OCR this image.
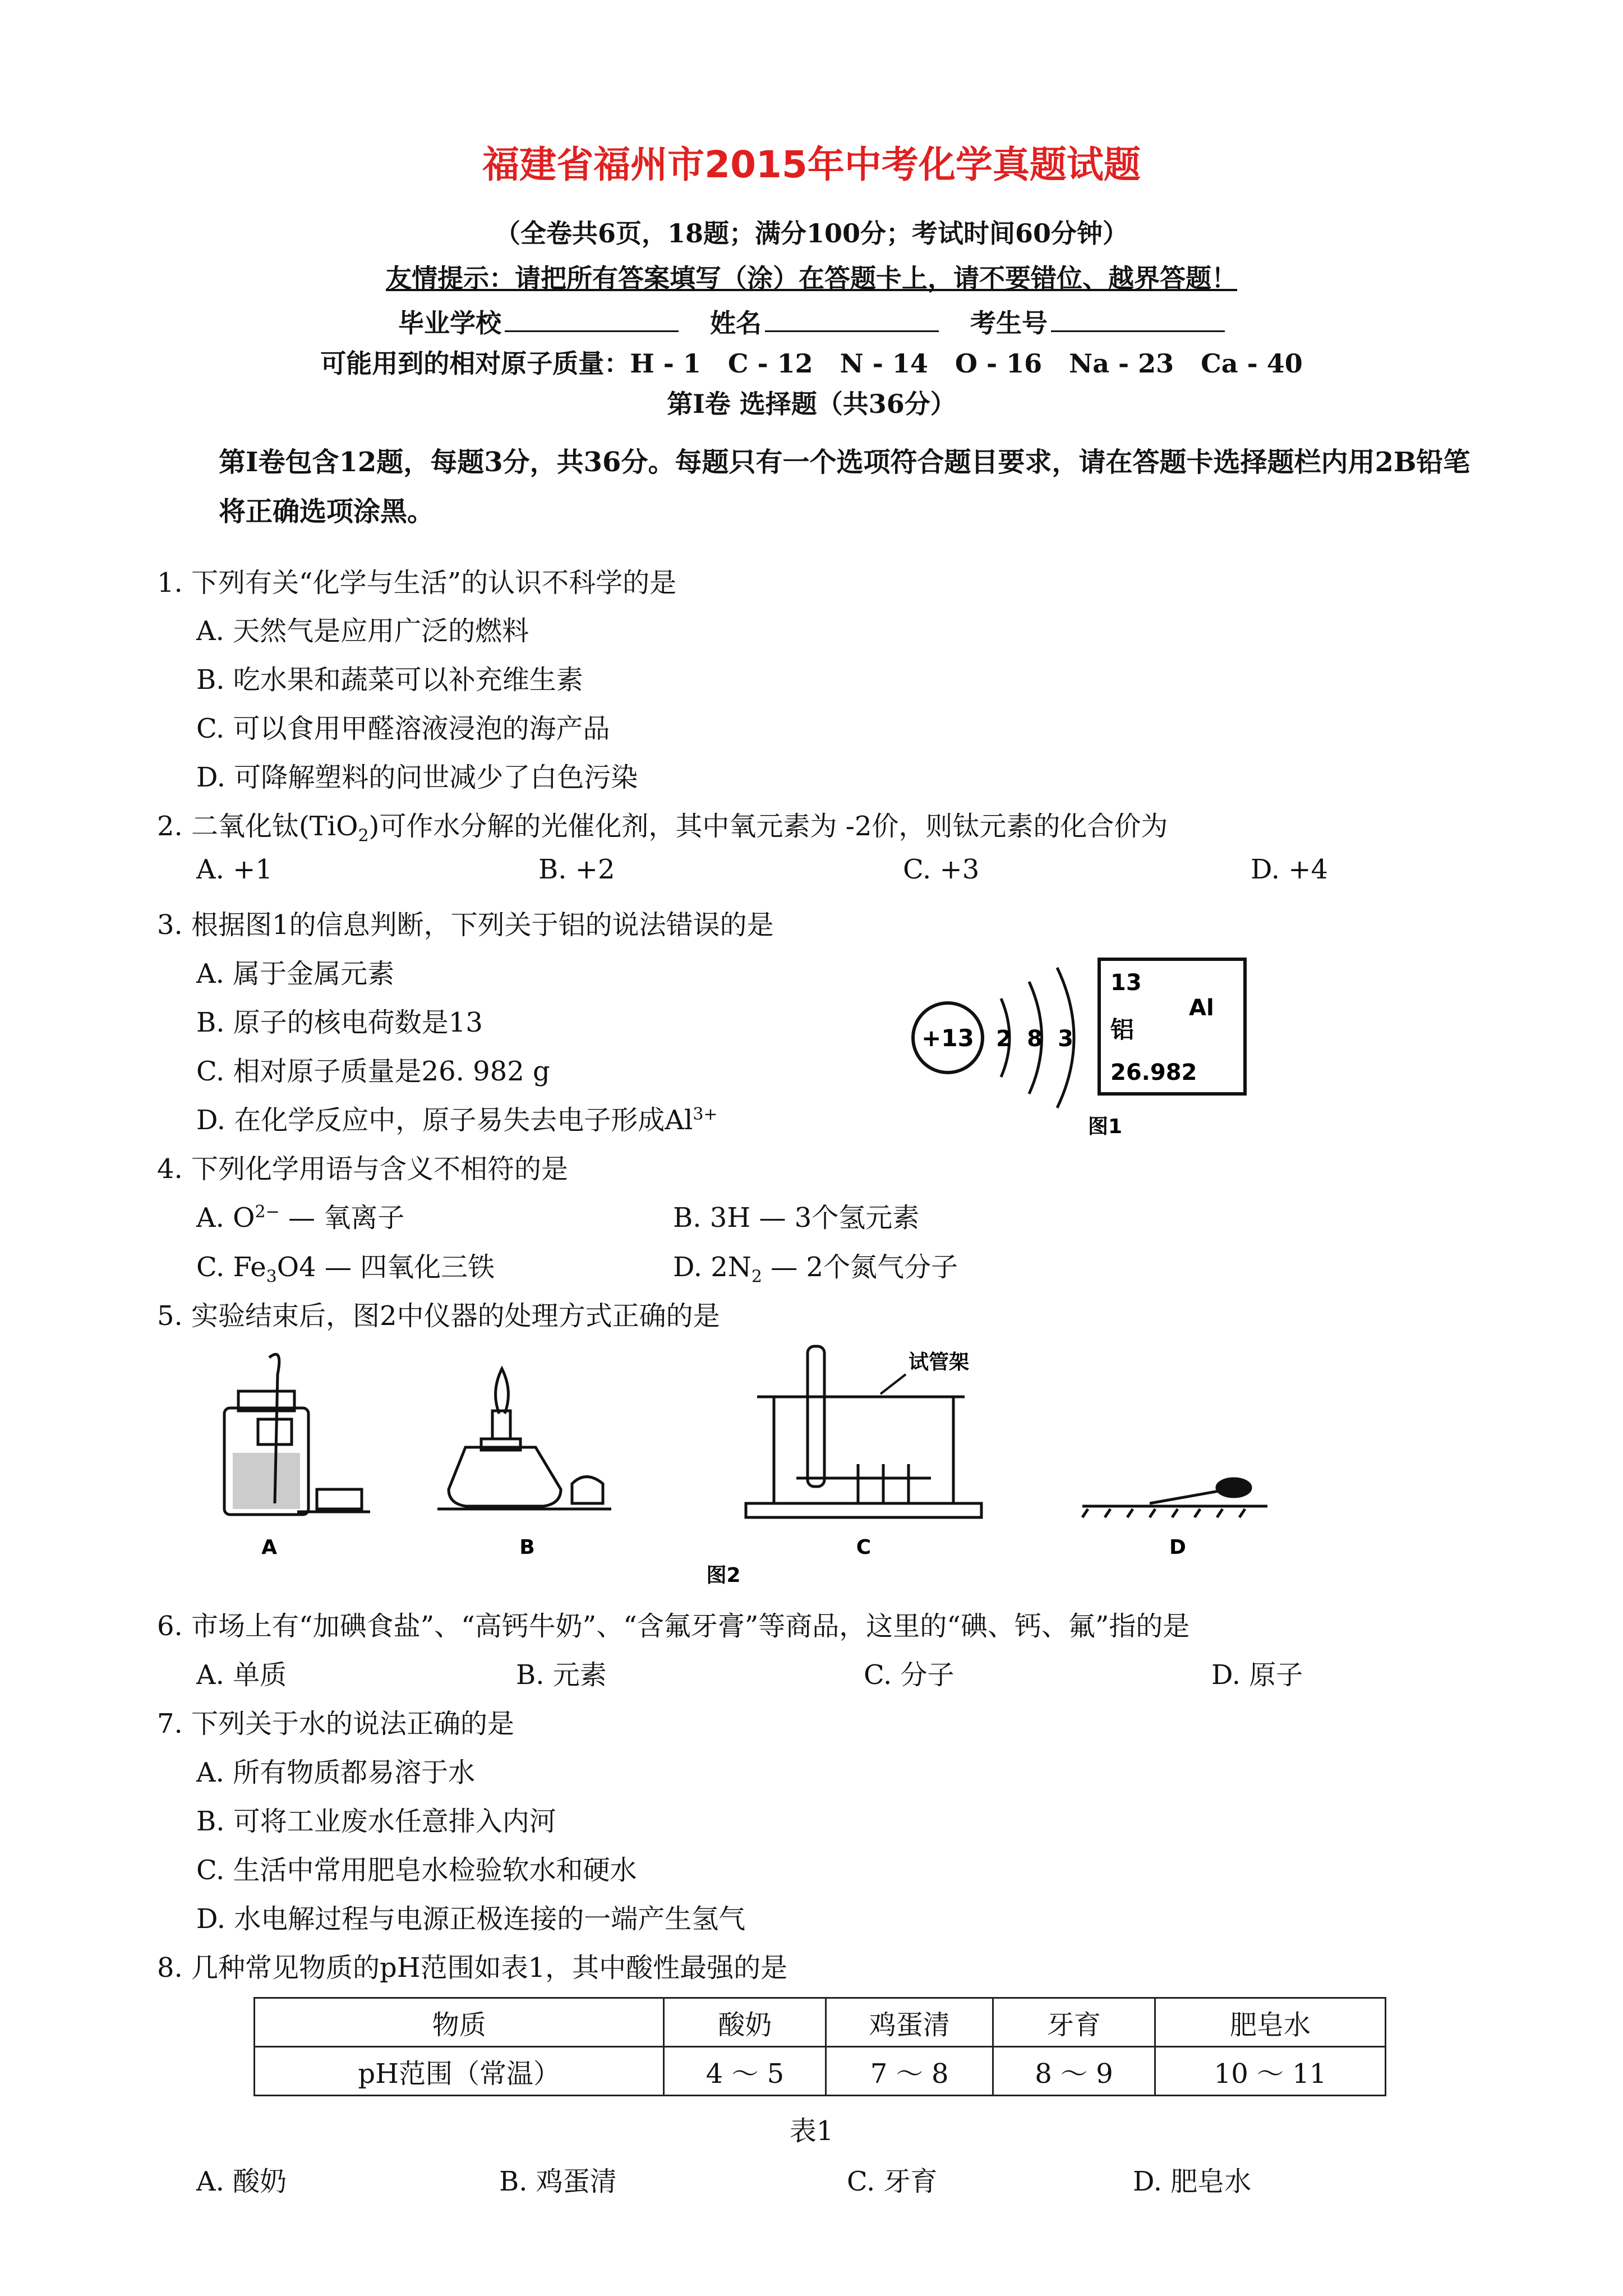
福建省福州市2015年中考化学真题试题
（全卷共6页，18题；满分100分；考试时间60分钟）
友情提示：请把所有答案填写（涂）在答题卡上，请不要错位、越界答题！
毕业学校	姓名	考生号
可能用到的相对原子质量：H - 1   C - 12   N - 14   O - 16   Na - 23   Ca - 40
第Ⅰ卷 选择题（共36分）
第Ⅰ卷包含12题，每题3分，共36分。每题只有一个选项符合题目要求，请在答题卡选择题栏内用2B铅笔将正确选项涂黑。
1. 下列有关“化学与生活”的认识不科学的是
A. 天然气是应用广泛的燃料
B. 吃水果和蔬菜可以补充维生素
C. 可以食用甲醛溶液浸泡的海产品
D. 可降解塑料的问世减少了白色污染
2. 二氧化钛(TiO$_2$)可作水分解的光催化剂，其中氧元素为 -2价，则钛元素的化合价为
A. +1	B. +2	C. +3	D. +4
3. 根据图1的信息判断，下列关于铝的说法错误的是
A. 属于金属元素
B. 原子的核电荷数是13
C. 相对原子质量是26. 982 g
D. 在化学反应中，原子易失去电子形成$Al^{3+}$
+13 2 8 3
13
Al
铝
26.982
图1
4. 下列化学用语与含义不相符的是
A. $O^{2-}$ — 氧离子	B. 3H — 3个氢元素
C. $Fe_3O4$ — 四氧化三铁	D. $2N_2$ — 2个氮气分子
5. 实验结束后，图2中仪器的处理方式正确的是
A	B
试管架
C	D
图2
6. 市场上有“加碘食盐”、“高钙牛奶”、“含氟牙膏”等商品，这里的“碘、钙、氟”指的是
A. 单质	B. 元素	C. 分子	D. 原子
7. 下列关于水的说法正确的是
A. 所有物质都易溶于水
B. 可将工业废水任意排入内河
C. 生活中常用肥皂水检验软水和硬水
D. 水电解过程与电源正极连接的一端产生氢气
8. 几种常见物质的pH范围如表1，其中酸性最强的是
物质	酸奶	鸡蛋清	牙育	肥皂水
pH范围（常温）	4 ～ 5	7 ～ 8	8 ～ 9	10 ～ 11
表1
A. 酸奶	B. 鸡蛋清	C. 牙育	D. 肥皂水
